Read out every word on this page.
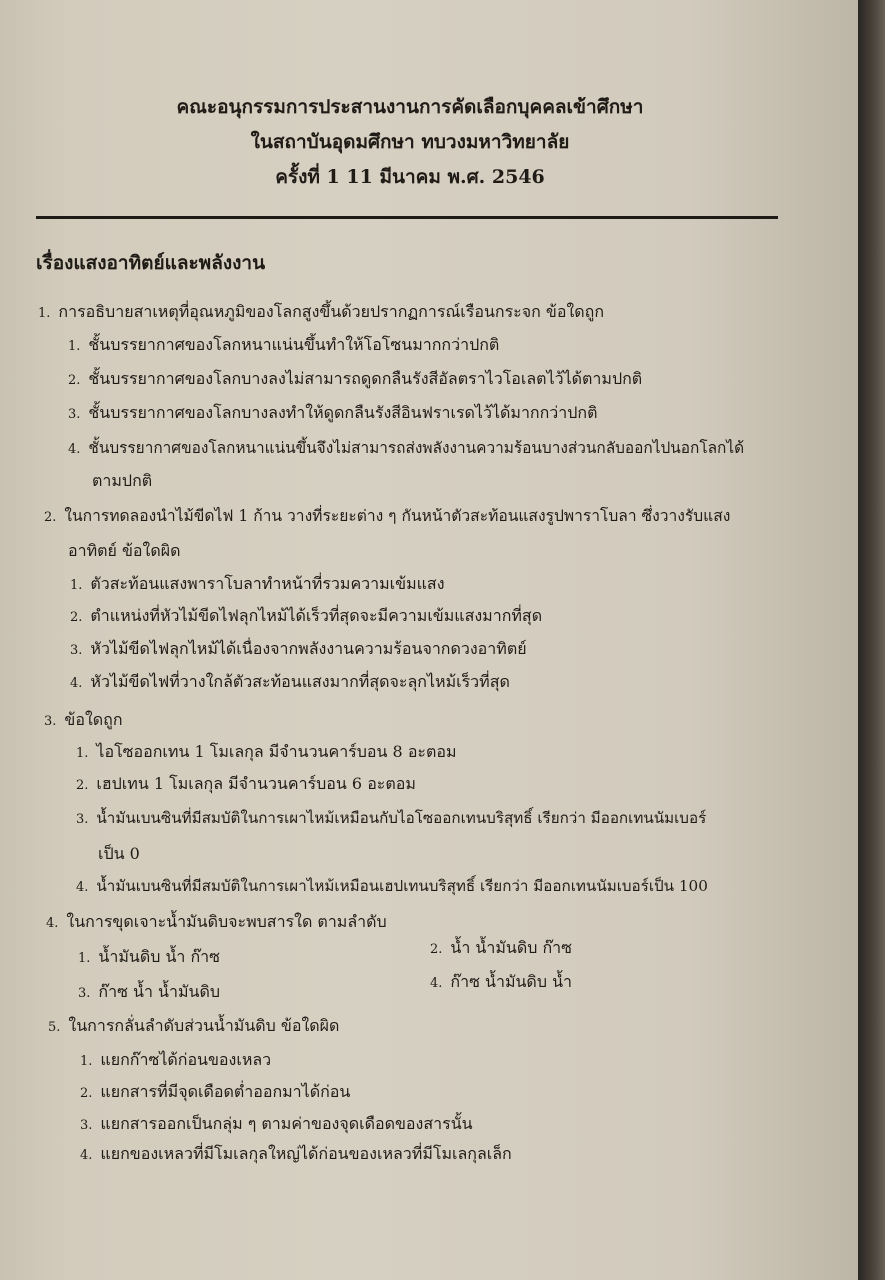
คณะอนุกรรมการประสานงานการคัดเลือกบุคคลเข้าศึกษา
ในสถาบันอุดมศึกษา ทบวงมหาวิทยาลัย
ครั้งที่ 1 11 มีนาคม พ.ศ. 2546
เรื่องแสงอาทิตย์และพลังงาน
1. การอธิบายสาเหตุที่อุณหภูมิของโลกสูงขึ้นด้วยปรากฏการณ์เรือนกระจก ข้อใดถูก
1. ชั้นบรรยากาศของโลกหนาแน่นขึ้นทำให้โอโซนมากกว่าปกติ
2. ชั้นบรรยากาศของโลกบางลงไม่สามารถดูดกลืนรังสีอัลตราไวโอเลตไว้ได้ตามปกติ
3. ชั้นบรรยากาศของโลกบางลงทำให้ดูดกลืนรังสีอินฟราเรดไว้ได้มากกว่าปกติ
4. ชั้นบรรยากาศของโลกหนาแน่นขึ้นจึงไม่สามารถส่งพลังงานความร้อนบางส่วนกลับออกไปนอกโลกได้
ตามปกติ
2. ในการทดลองนำไม้ขีดไฟ 1 ก้าน วางที่ระยะต่าง ๆ กันหน้าตัวสะท้อนแสงรูปพาราโบลา ซึ่งวางรับแสง
อาทิตย์ ข้อใดผิด
1. ตัวสะท้อนแสงพาราโบลาทำหน้าที่รวมความเข้มแสง
2. ตำแหน่งที่หัวไม้ขีดไฟลุกไหม้ได้เร็วที่สุดจะมีความเข้มแสงมากที่สุด
3. หัวไม้ขีดไฟลุกไหม้ได้เนื่องจากพลังงานความร้อนจากดวงอาทิตย์
4. หัวไม้ขีดไฟที่วางใกล้ตัวสะท้อนแสงมากที่สุดจะลุกไหม้เร็วที่สุด
3. ข้อใดถูก
1. ไอโซออกเทน 1 โมเลกุล มีจำนวนคาร์บอน 8 อะตอม
2. เฮปเทน 1 โมเลกุล มีจำนวนคาร์บอน 6 อะตอม
3. น้ำมันเบนซินที่มีสมบัติในการเผาไหม้เหมือนกับไอโซออกเทนบริสุทธิ์ เรียกว่า มีออกเทนนัมเบอร์
เป็น 0
4. น้ำมันเบนซินที่มีสมบัติในการเผาไหม้เหมือนเฮปเทนบริสุทธิ์ เรียกว่า มีออกเทนนัมเบอร์เป็น 100
4. ในการขุดเจาะน้ำมันดิบจะพบสารใด ตามลำดับ
1. น้ำมันดิบ น้ำ ก๊าซ	2. น้ำ น้ำมันดิบ ก๊าซ
3. ก๊าซ น้ำ น้ำมันดิบ	4. ก๊าซ น้ำมันดิบ น้ำ
5. ในการกลั่นลำดับส่วนน้ำมันดิบ ข้อใดผิด
1. แยกก๊าซได้ก่อนของเหลว
2. แยกสารที่มีจุดเดือดต่ำออกมาได้ก่อน
3. แยกสารออกเป็นกลุ่ม ๆ ตามค่าของจุดเดือดของสารนั้น
4. แยกของเหลวที่มีโมเลกุลใหญ่ได้ก่อนของเหลวที่มีโมเลกุลเล็ก
